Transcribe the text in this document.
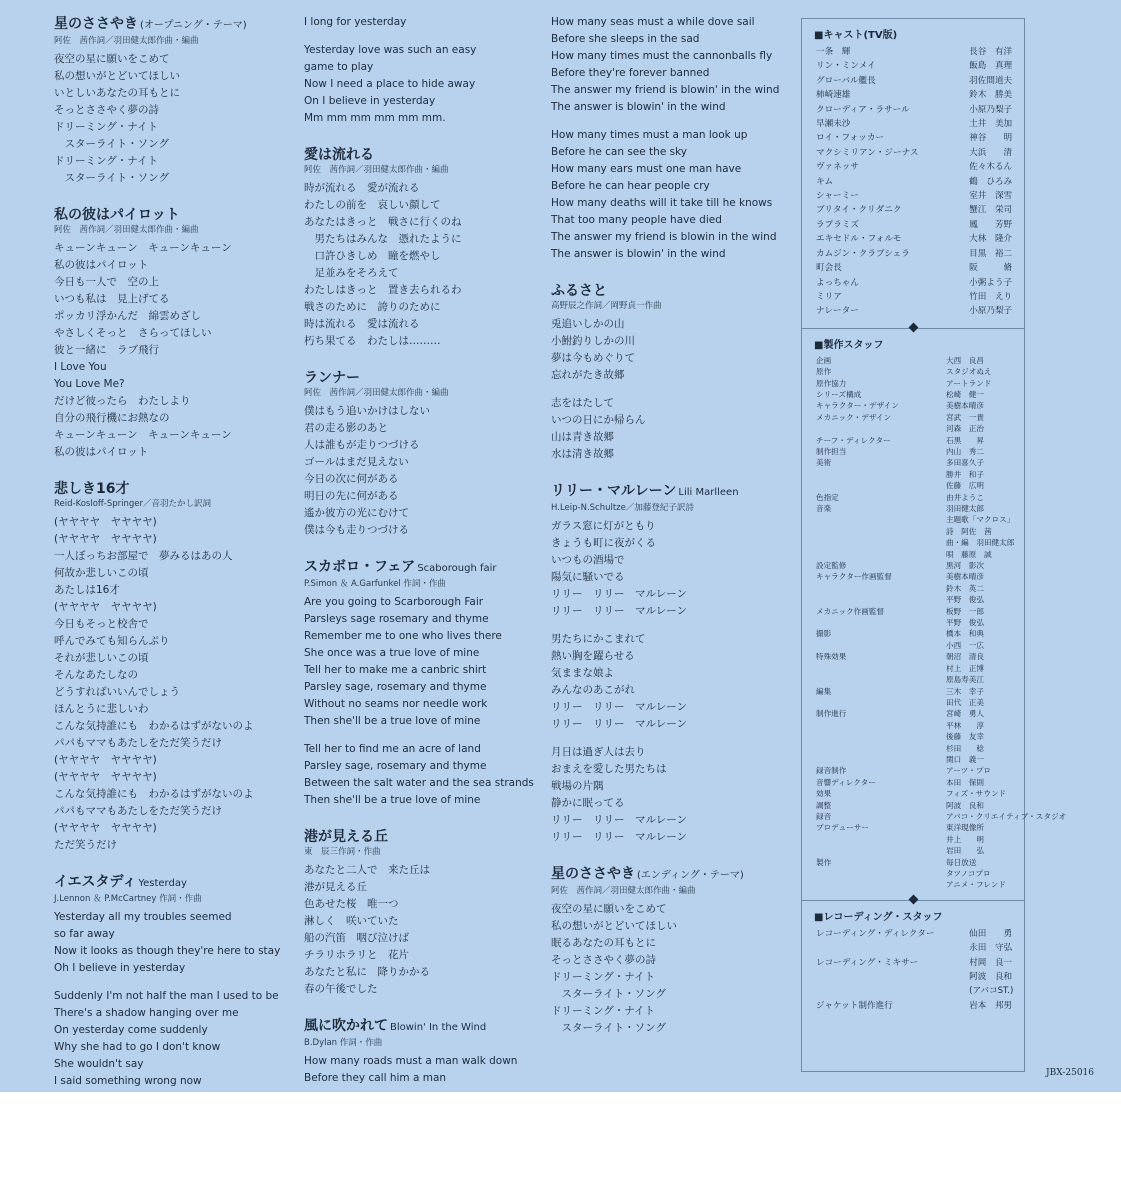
星のささやき (オープニング・テーマ)
阿佐　茜作詞／羽田健太郎作曲・編曲
夜空の星に願いをこめて
私の想いがとどいてほしい
いとしいあなたの耳もとに
そっとささやく夢の詩
ドリーミング・ナイト
　スターライト・ソング
ドリーミング・ナイト
　スターライト・ソング
私の彼はパイロット
阿佐　茜作詞／羽田健太郎作曲・編曲
キューンキューン　キューンキューン
私の彼はパイロット
今日も一人で　空の上
いつも私は　見上げてる
ポッカリ浮かんだ　綿雲めざし
やさしくそっと　さらってほしい
彼と一緒に　ラブ飛行
I Love You
You Love Me?
だけど彼ったら　わたしより
自分の飛行機にお熱なの
キューンキューン　キューンキューン
私の彼はパイロット
悲しき16才
Reid-Kosloff-Springer／音羽たかし訳詞
(ヤヤヤヤ　ヤヤヤヤ)
(ヤヤヤヤ　ヤヤヤヤ)
一人ぼっちお部屋で　夢みるはあの人
何故か悲しいこの頃
あたしは16才
(ヤヤヤヤ　ヤヤヤヤ)
今日もそっと校舎で
呼んでみても知らんぷり
それが悲しいこの頃
そんなあたしなの
どうすればいいんでしょう
ほんとうに悲しいわ
こんな気持誰にも　わかるはずがないのよ
パパもママもあたしをただ笑うだけ
(ヤヤヤヤ　ヤヤヤヤ)
(ヤヤヤヤ　ヤヤヤヤ)
こんな気持誰にも　わかるはずがないのよ
パパもママもあたしをただ笑うだけ
(ヤヤヤヤ　ヤヤヤヤ)
ただ笑うだけ
イエスタディ Yesterday
J.Lennon ＆ P.McCartney 作詞・作曲
Yesterday all my troubles seemed
so far away
Now it looks as though they're here to stay
Oh I believe in yesterday
Suddenly I'm not half the man I used to be
There's a shadow hanging over me
On yesterday come suddenly
Why she had to go I don't know
She wouldn't say
I said something wrong now
I long for yesterday
Yesterday love was such an easy
game to play
Now I need a place to hide away
On I believe in yesterday
Mm mm mm mm mm mm.
愛は流れる
阿佐　茜作詞／羽田健太郎作曲・編曲
時が流れる　愛が流れる
わたしの前を　哀しい顔して
あなたはきっと　戦さに行くのね
　男たちはみんな　憑れたように
　口許ひきしめ　瞳を燃やし
　足並みをそろえて
わたしはきっと　置き去られるわ
戦さのために　誇りのために
時は流れる　愛は流れる
朽ち果てる　わたしは………
ランナー
阿佐　茜作詞／羽田健太郎作曲・編曲
僕はもう追いかけはしない
君の走る影のあと
人は誰もが走りつづける
ゴールはまだ見えない
今日の次に何がある
明日の先に何がある
遙か彼方の光にむけて
僕は今も走りつづける
スカボロ・フェア Scaborough fair
P.Simon ＆ A.Garfunkel 作詞・作曲
Are you going to Scarborough Fair
Parsleys sage rosemary and thyme
Remember me to one who lives there
She once was a true love of mine
Tell her to make me a canbric shirt
Parsley sage, rosemary and thyme
Without no seams nor needle work
Then she'll be a true love of mine
Tell her to find me an acre of land
Parsley sage, rosemary and thyme
Between the salt water and the sea strands
Then she'll be a true love of mine
港が見える丘
東　辰三作詞・作曲
あなたと二人で　来た丘は
港が見える丘
色あせた桜　唯一つ
淋しく　咲いていた
船の汽笛　咽び泣けば
チラリホラリと　花片
あなたと私に　降りかかる
春の午後でした
風に吹かれて Blowin' In the Wind
B.Dylan 作詞・作曲
How many roads must a man walk down
Before they call him a man
How many seas must a while dove sail
Before she sleeps in the sad
How many times must the cannonballs fly
Before they're forever banned
The answer my friend is blowin' in the wind
The answer is blowin' in the wind
How many times must a man look up
Before he can see the sky
How many ears must one man have
Before he can hear people cry
How many deaths will it take till he knows
That too many people have died
The answer my friend is blowin in the wind
The answer is blowin' in the wind
ふるさと
高野辰之作詞／岡野貞一作曲
兎追いしかの山
小鮒釣りしかの川
夢は今もめぐりて
忘れがたき故郷
志をはたして
いつの日にか帰らん
山は青き故郷
水は清き故郷
リリー・マルレーン Lili Marlleen
H.Leip-N.Schultze／加藤登紀子訳詩
ガラス窓に灯がともり
きょうも町に夜がくる
いつもの酒場で
陽気に騒いでる
リリー　リリー　マルレーン
リリー　リリー　マルレーン
男たちにかこまれて
熱い胸を躍らせる
気ままな娘よ
みんなのあこがれ
リリー　リリー　マルレーン
リリー　リリー　マルレーン
月日は過ぎ人は去り
おまえを愛した男たちは
戦場の片隅
静かに眠ってる
リリー　リリー　マルレーン
リリー　リリー　マルレーン
星のささやき (エンディング・テーマ)
阿佐　茜作詞／羽田健太郎作曲・編曲
夜空の星に願いをこめて
私の想いがとどいてほしい
眠るあなたの耳もとに
そっとささやく夢の詩
ドリーミング・ナイト
　スターライト・ソング
ドリーミング・ナイト
　スターライト・ソング
■キャスト(TV版)
一条　輝	長谷　有洋
リン・ミンメイ	飯島　真理
グローバル艦長	羽佐間道夫
柿崎速雄	鈴木　勝美
クローディア・ラサール	小原乃梨子
早瀬未沙	土井　美加
ロイ・フォッカー	神谷　　明
マクシミリアン・ジーナス	大浜　　清
ヴァネッサ	佐々木るん
キム	鶴　ひろみ
シャーミー	室井　深雪
ブリタイ・クリダニク	蟹江　栄司
ラプラミズ	鳳　　芳野
エキセドル・フォルモ	大林　隆介
カムジン・クラブシェラ	目黒　裕二
町会長	阪　　　脩
よっちゃん	小粥よう子
ミリア	竹田　えり
ナレーター	小原乃梨子
■製作スタッフ
企画	大西　良昌
原作	スタジオぬえ
原作協力	アートランド
シリーズ構成	松崎　健一
キャラクター・デザイン	美樹本晴彦
メカニック・デザイン	宮武　一貴
河森　正治
チーフ・ディレクター	石黒　　昇
制作担当	内山　秀二
美術	多田喜久子
勝井　和子
佐藤　広明
色指定	由井ようこ
音楽	羽田健太郎
主題歌「マクロス」
詩　阿佐　茜
曲・編　羽田健太郎
唄　藤原　誠
設定監修	黒河　影次
キャラクター作画監督	美樹本晴彦
鈴木　英二
平野　俊弘
メカニック作画監督	板野　一郎
平野　俊弘
撮影	橋本　和典
小西　一広
特殊効果	朝沼　清良
村上　正博
原島寿美江
編集	三木　幸子
田代　正美
制作進行	宮崎　勇人
平林　　淳
後藤　友幸
杉田　　稔
関口　義一
録音制作	アーツ・プロ
音響ディレクター	本田　保則
効果	フィズ・サウンド
調整	阿波　良和
録音	アバコ・クリエイティブ・スタジオ
プロデューサー	東洋現像所
井上　　明
岩田　　弘
製作	毎日放送
タツノコプロ
アニメ・フレンド
■レコーディング・スタッフ
レコーディング・ディレクター	仙田　　勇
永田　守弘
レコーディング・ミキサー	村岡　良一
阿波　良和
(アバコST.)
ジャケット制作進行	岩本　邦男
JBX-25016
